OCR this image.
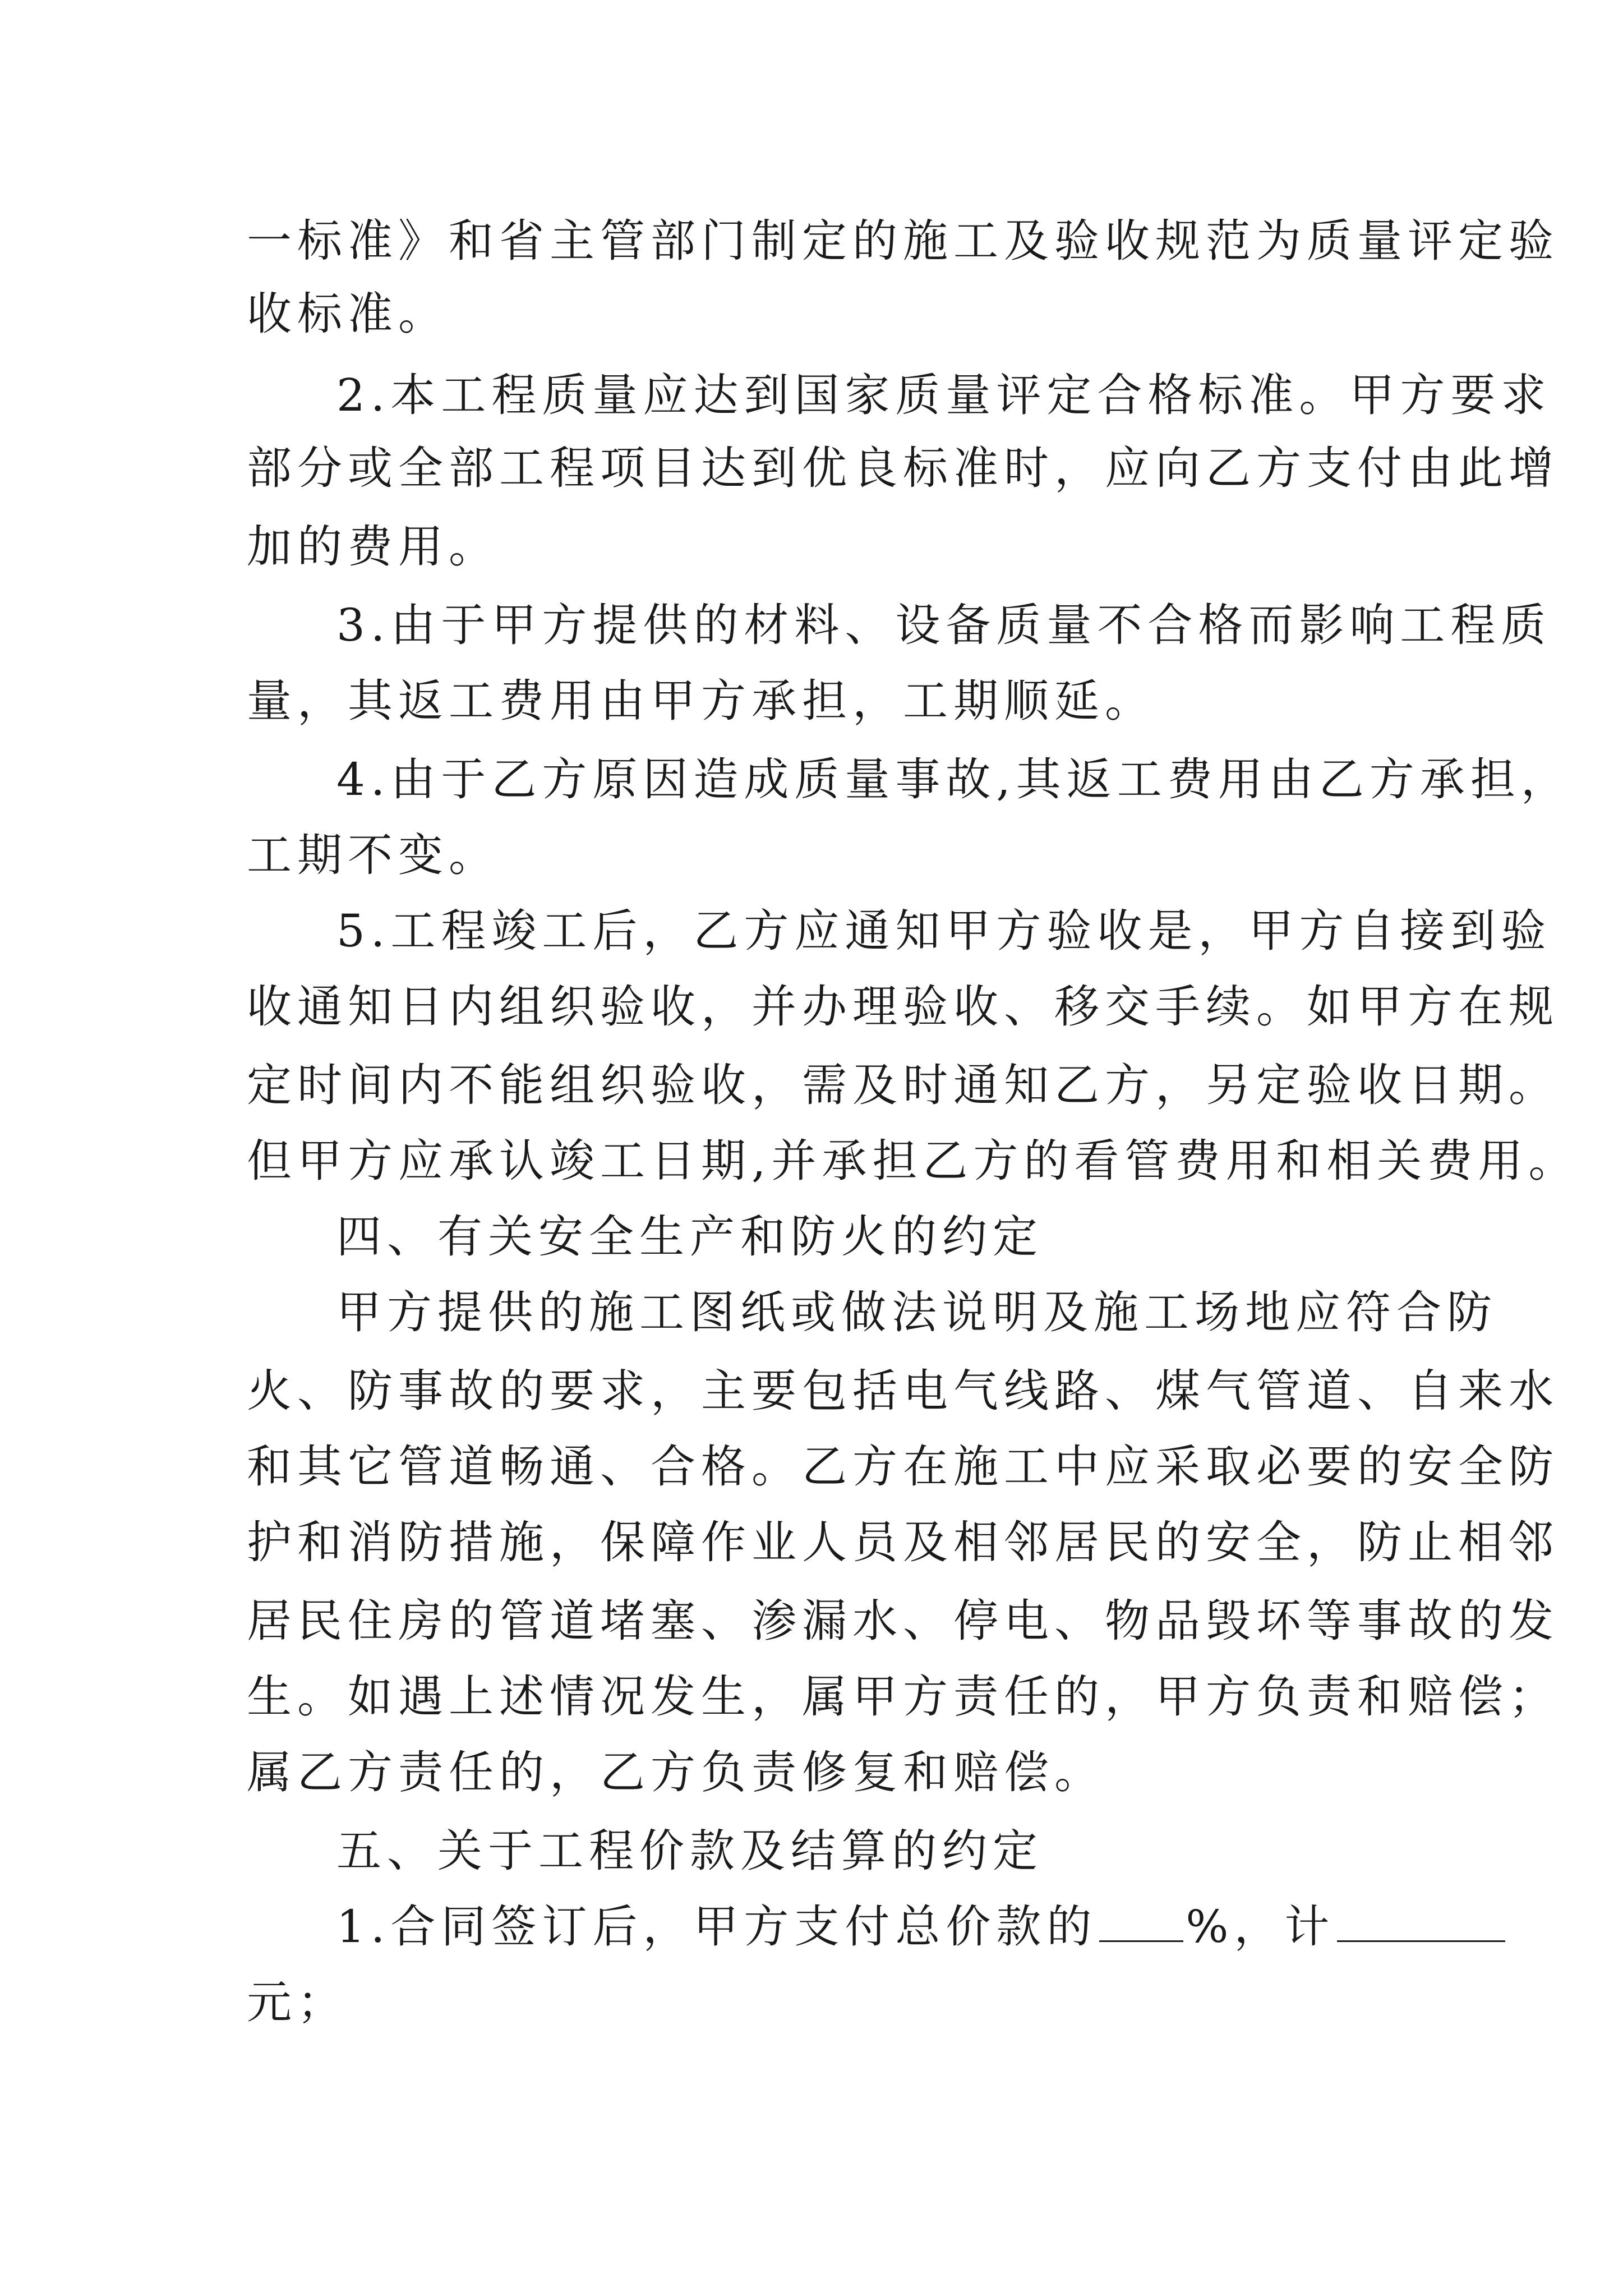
一标准》和省主管部门制定的施工及验收规范为质量评定验
收标准。
2.本工程质量应达到国家质量评定合格标准。甲方要求
部分或全部工程项目达到优良标准时，应向乙方支付由此增
加的费用。
3.由于甲方提供的材料、设备质量不合格而影响工程质
量，其返工费用由甲方承担，工期顺延。
4.由于乙方原因造成质量事故,其返工费用由乙方承担，
工期不变。
5.工程竣工后，乙方应通知甲方验收是，甲方自接到验
收通知日内组织验收，并办理验收、移交手续。如甲方在规
定时间内不能组织验收，需及时通知乙方，另定验收日期。
但甲方应承认竣工日期,并承担乙方的看管费用和相关费用。
四、有关安全生产和防火的约定
甲方提供的施工图纸或做法说明及施工场地应符合防
火、防事故的要求，主要包括电气线路、煤气管道、自来水
和其它管道畅通、合格。乙方在施工中应采取必要的安全防
护和消防措施，保障作业人员及相邻居民的安全，防止相邻
居民住房的管道堵塞、渗漏水、停电、物品毁坏等事故的发
生。如遇上述情况发生，属甲方责任的，甲方负责和赔偿；
属乙方责任的，乙方负责修复和赔偿。
五、关于工程价款及结算的约定
1.合同签订后，甲方支付总价款的 %，计
元；
